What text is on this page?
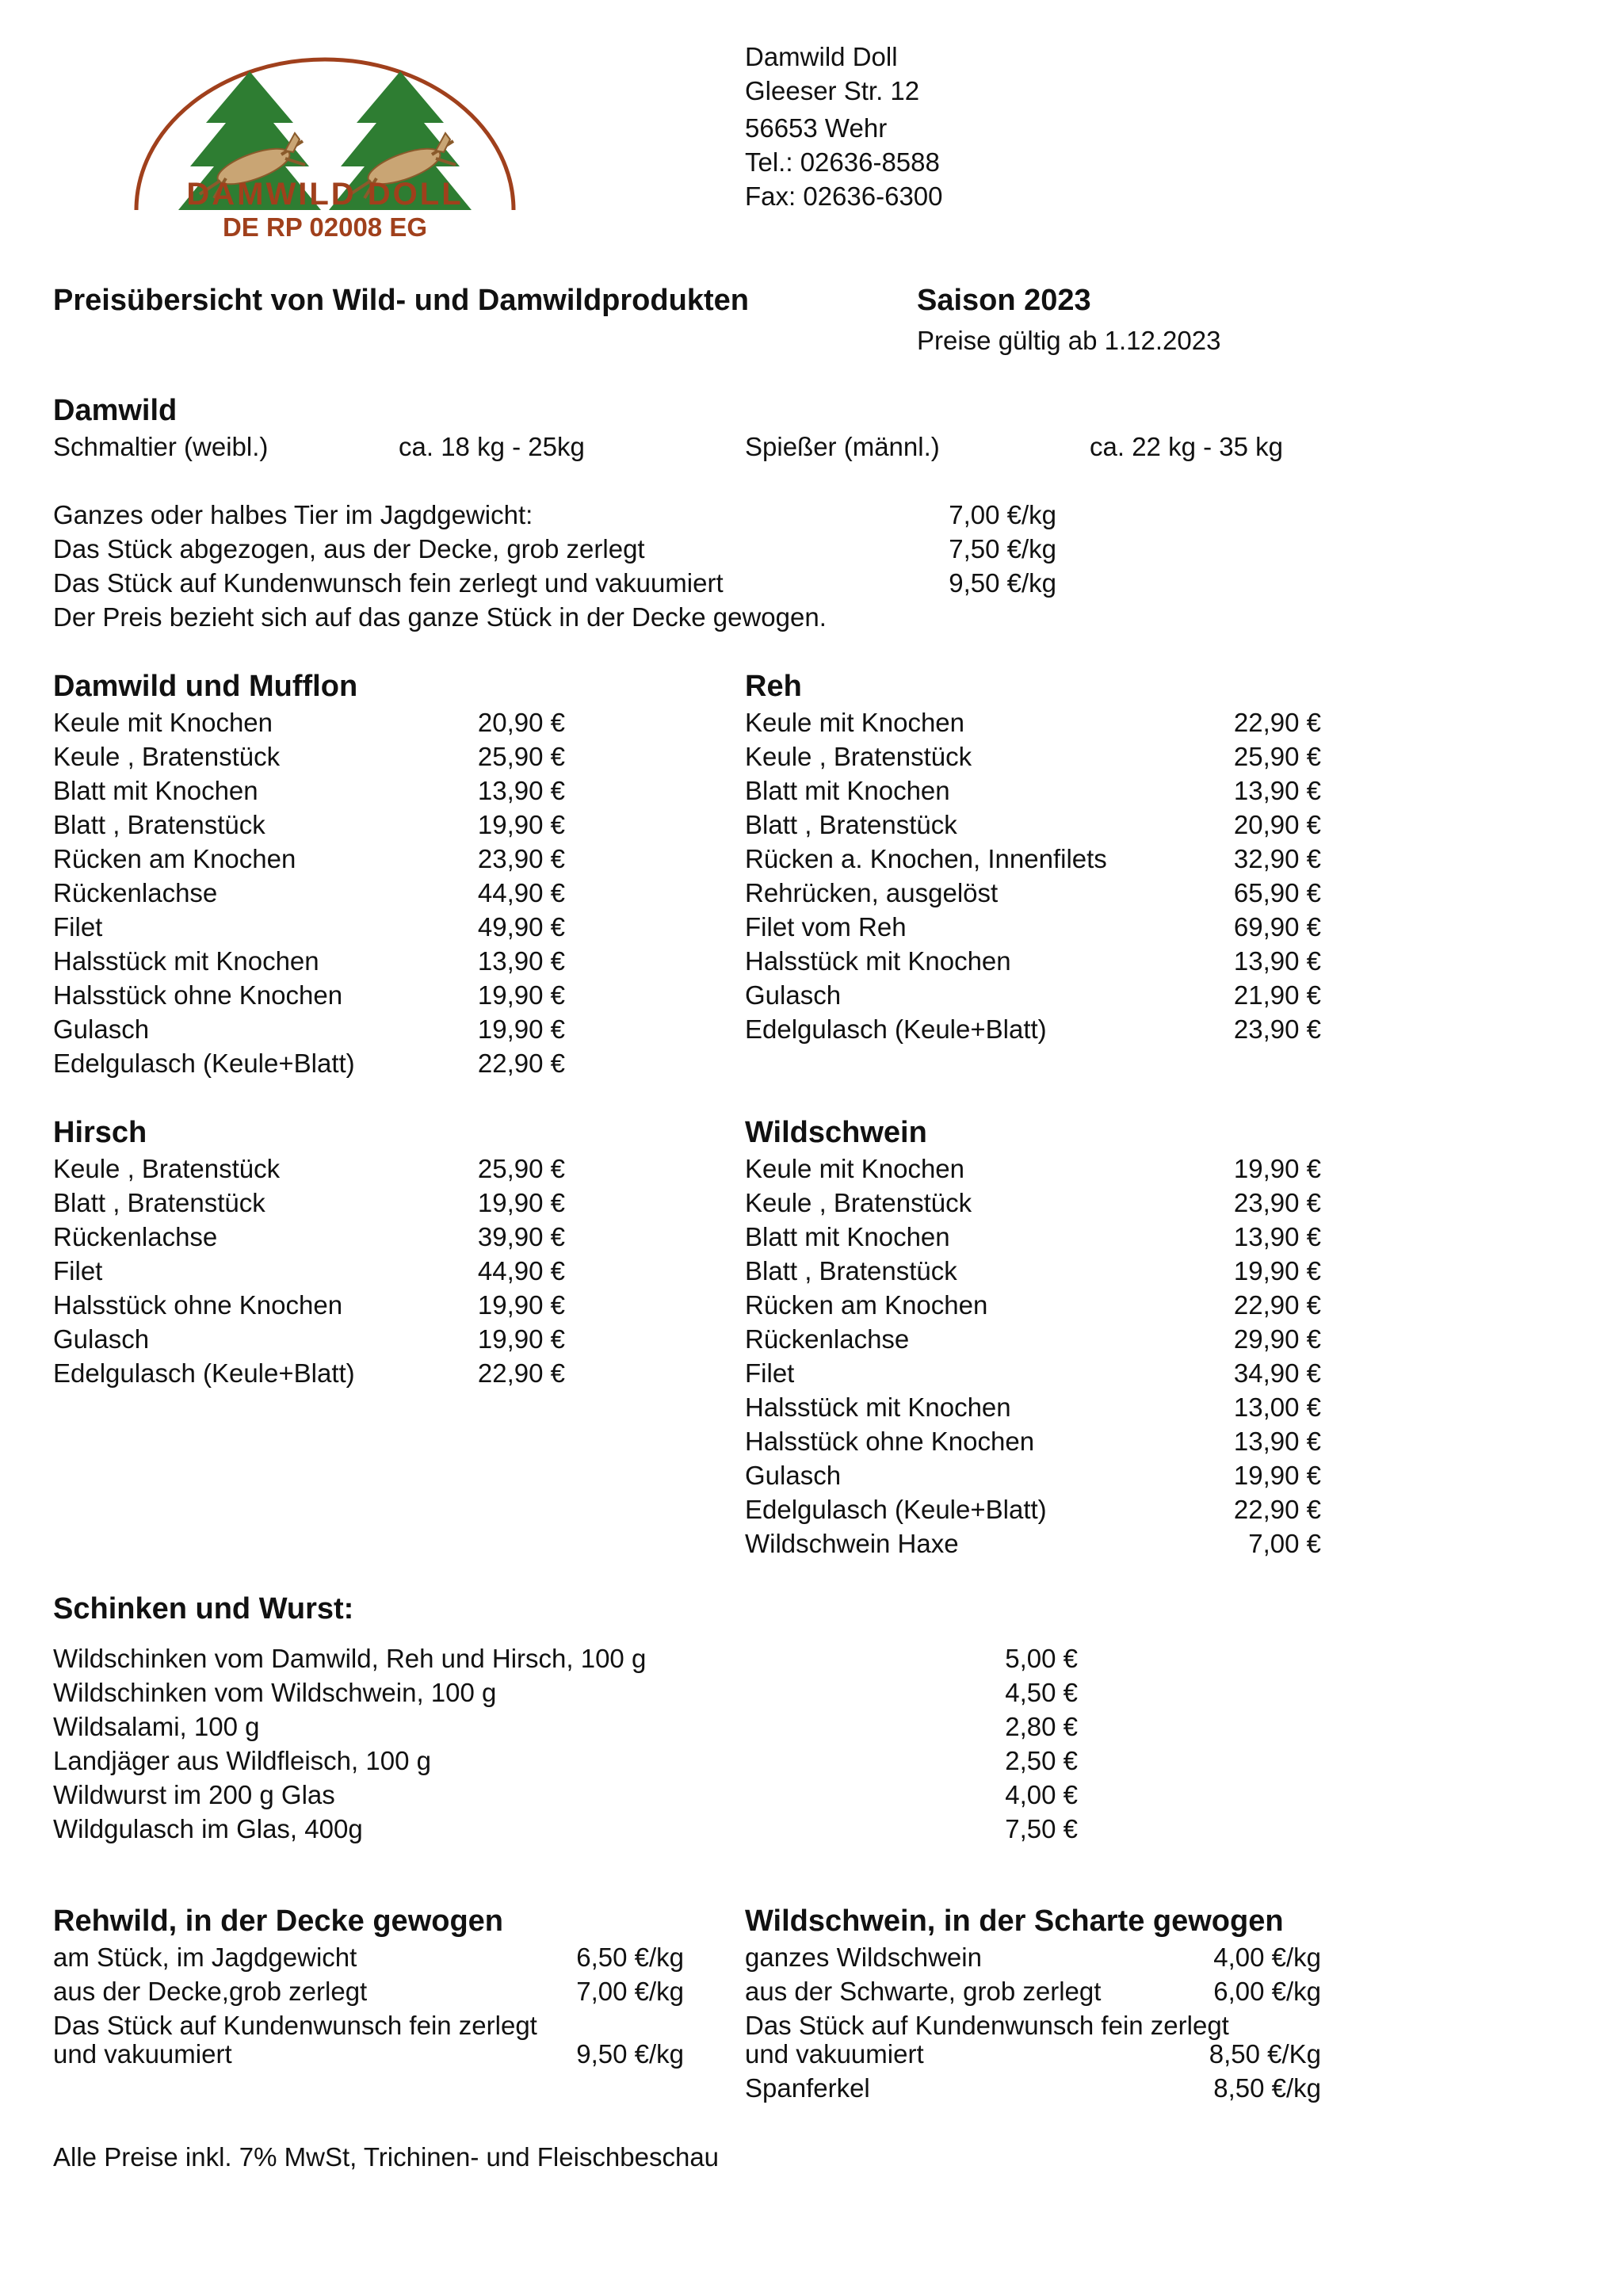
DAMWILD DOLL
DE RP 02008 EG
Damwild Doll
Gleeser Str. 12
56653 Wehr
Tel.: 02636-8588
Fax: 02636-6300
Preisübersicht von Wild- und Damwildprodukten	Saison 2023
Preise gültig ab 1.12.2023
Damwild
Schmaltier (weibl.)	ca. 18 kg - 25kg	Spießer (männl.)	ca. 22 kg - 35 kg
Ganzes oder halbes Tier im Jagdgewicht:	7,00 €/kg
Das Stück abgezogen, aus der Decke, grob zerlegt	7,50 €/kg
Das Stück auf Kundenwunsch fein zerlegt und vakuumiert	9,50 €/kg
Der Preis bezieht sich auf das ganze Stück in der Decke gewogen.
Damwild und Mufflon	Reh
Keule mit Knochen	20,90 €
Keule , Bratenstück	25,90 €
Blatt mit Knochen	13,90 €
Blatt , Bratenstück	19,90 €
Rücken am Knochen	23,90 €
Rückenlachse	44,90 €
Filet	49,90 €
Halsstück mit Knochen	13,90 €
Halsstück ohne Knochen	19,90 €
Gulasch	19,90 €
Edelgulasch (Keule+Blatt)	22,90 €
Keule mit Knochen	22,90 €
Keule , Bratenstück	25,90 €
Blatt mit Knochen	13,90 €
Blatt , Bratenstück	20,90 €
Rücken a. Knochen, Innenfilets	32,90 €
Rehrücken, ausgelöst	65,90 €
Filet vom Reh	69,90 €
Halsstück mit Knochen	13,90 €
Gulasch	21,90 €
Edelgulasch (Keule+Blatt)	23,90 €
Hirsch	Wildschwein
Keule , Bratenstück	25,90 €
Blatt , Bratenstück	19,90 €
Rückenlachse	39,90 €
Filet	44,90 €
Halsstück ohne Knochen	19,90 €
Gulasch	19,90 €
Edelgulasch (Keule+Blatt)	22,90 €
Keule mit Knochen	19,90 €
Keule , Bratenstück	23,90 €
Blatt mit Knochen	13,90 €
Blatt , Bratenstück	19,90 €
Rücken am Knochen	22,90 €
Rückenlachse	29,90 €
Filet	34,90 €
Halsstück mit Knochen	13,00 €
Halsstück ohne Knochen	13,90 €
Gulasch	19,90 €
Edelgulasch (Keule+Blatt)	22,90 €
Wildschwein Haxe	7,00 €
Schinken und Wurst:
Wildschinken vom Damwild, Reh und Hirsch, 100 g	5,00 €
Wildschinken vom Wildschwein, 100 g	4,50 €
Wildsalami, 100 g	2,80 €
Landjäger aus Wildfleisch, 100 g	2,50 €
Wildwurst im 200 g Glas	4,00 €
Wildgulasch im Glas, 400g	7,50 €
Rehwild, in der Decke gewogen
am Stück, im Jagdgewicht	6,50 €/kg
aus der Decke,grob zerlegt	7,00 €/kg
Das Stück auf Kundenwunsch fein zerlegt
und vakuumiert	9,50 €/kg
Wildschwein, in der Scharte gewogen
ganzes Wildschwein	4,00 €/kg
aus der Schwarte, grob zerlegt	6,00 €/kg
Das Stück auf Kundenwunsch fein zerlegt
und vakuumiert	8,50 €/Kg
Spanferkel	8,50 €/kg
Alle Preise inkl. 7% MwSt, Trichinen- und Fleischbeschau
